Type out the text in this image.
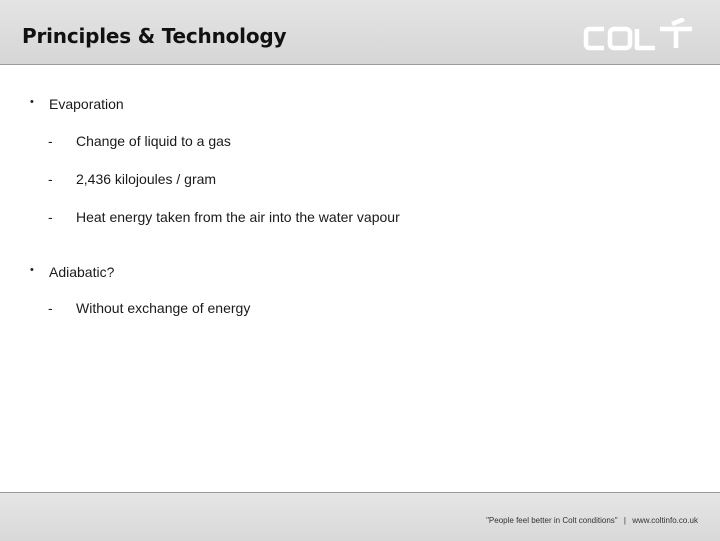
Principles & Technology
• Evaporation
- Change of liquid to a gas
- 2,436 kilojoules / gram
- Heat energy taken from the air into the water vapour
• Adiabatic?
- Without exchange of energy
"People feel better in Colt conditions" | www.coltinfo.co.uk
